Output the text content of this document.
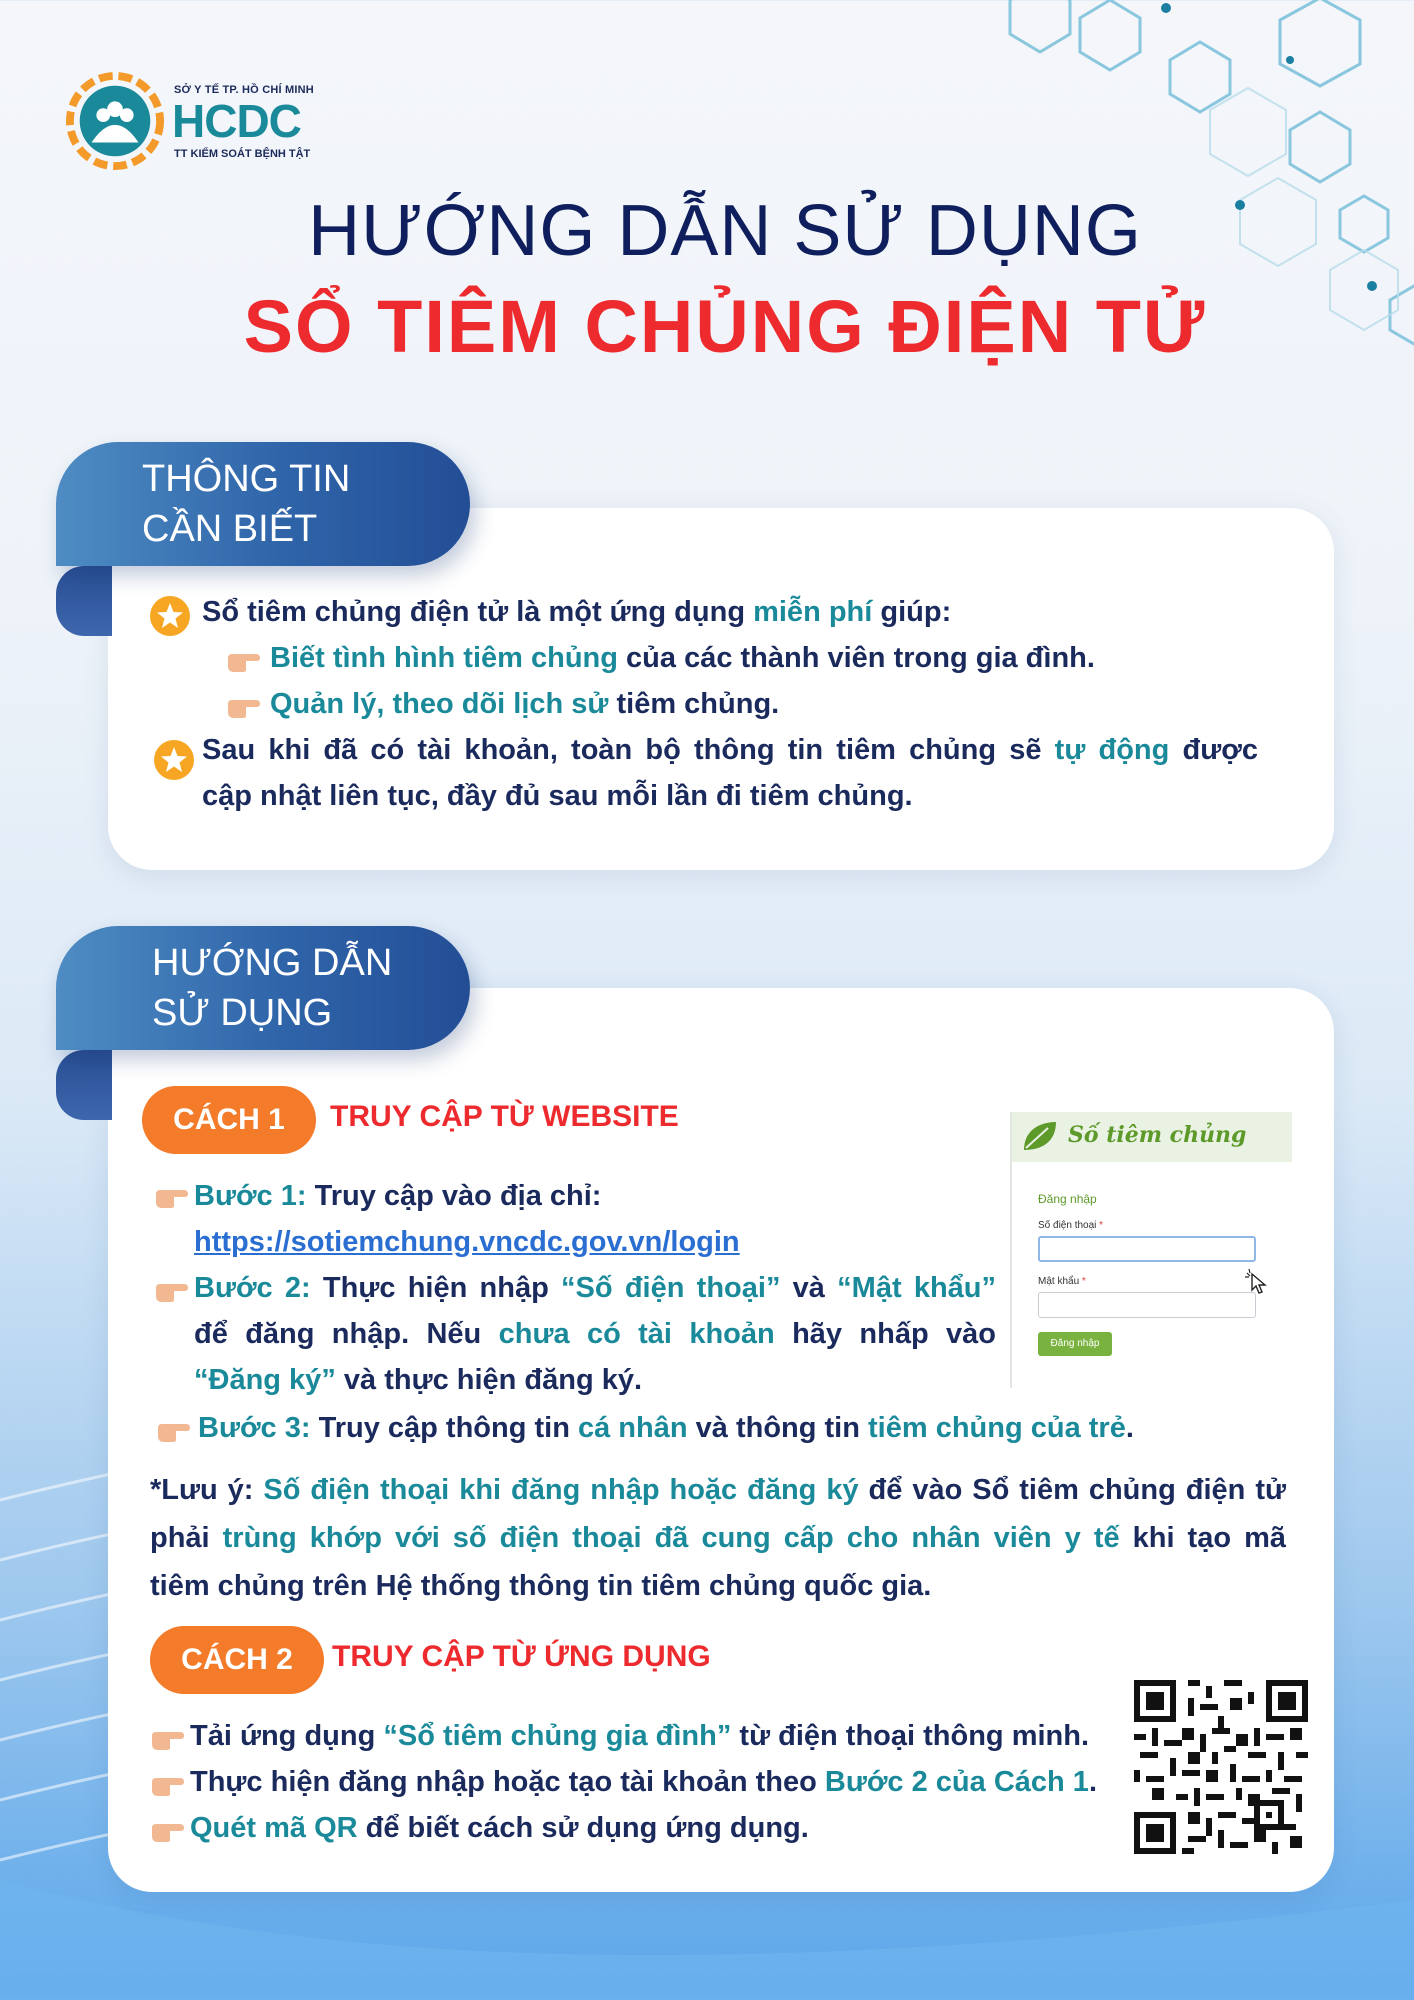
SỞ Y TẾ TP. HỒ CHÍ MINH
HCDC
TT KIỂM SOÁT BỆNH TẬT
HƯỚNG DẪN SỬ DỤNG
SỔ TIÊM CHỦNG ĐIỆN TỬ
THÔNG TIN
CẦN BIẾT
Sổ tiêm chủng điện tử là một ứng dụng miễn phí giúp:
Biết tình hình tiêm chủng của các thành viên trong gia đình.
Quản lý, theo dõi lịch sử tiêm chủng.
Sau khi đã có tài khoản, toàn bộ thông tin tiêm chủng sẽ tự động được
cập nhật liên tục, đầy đủ sau mỗi lần đi tiêm chủng.
HƯỚNG DẪN
SỬ DỤNG
CÁCH 1	TRUY CẬP TỪ WEBSITE
Bước 1: Truy cập vào địa chỉ:
https://sotiemchung.vncdc.gov.vn/login
Bước 2: Thực hiện nhập “Số điện thoại” và “Mật khẩu”
để đăng nhập. Nếu chưa có tài khoản hãy nhấp vào
“Đăng ký” và thực hiện đăng ký.
Bước 3: Truy cập thông tin cá nhân và thông tin tiêm chủng của trẻ.
*Lưu ý: Số điện thoại khi đăng nhập hoặc đăng ký để vào Sổ tiêm chủng điện tử
phải trùng khớp với số điện thoại đã cung cấp cho nhân viên y tế khi tạo mã
tiêm chủng trên Hệ thống thông tin tiêm chủng quốc gia.
Số tiêm chủng
Đăng nhập
Số điện thoại *
Mật khẩu *
Đăng nhập
CÁCH 2	TRUY CẬP TỪ ỨNG DỤNG
Tải ứng dụng “Sổ tiêm chủng gia đình” từ điện thoại thông minh.
Thực hiện đăng nhập hoặc tạo tài khoản theo Bước 2 của Cách 1.
Quét mã QR để biết cách sử dụng ứng dụng.
